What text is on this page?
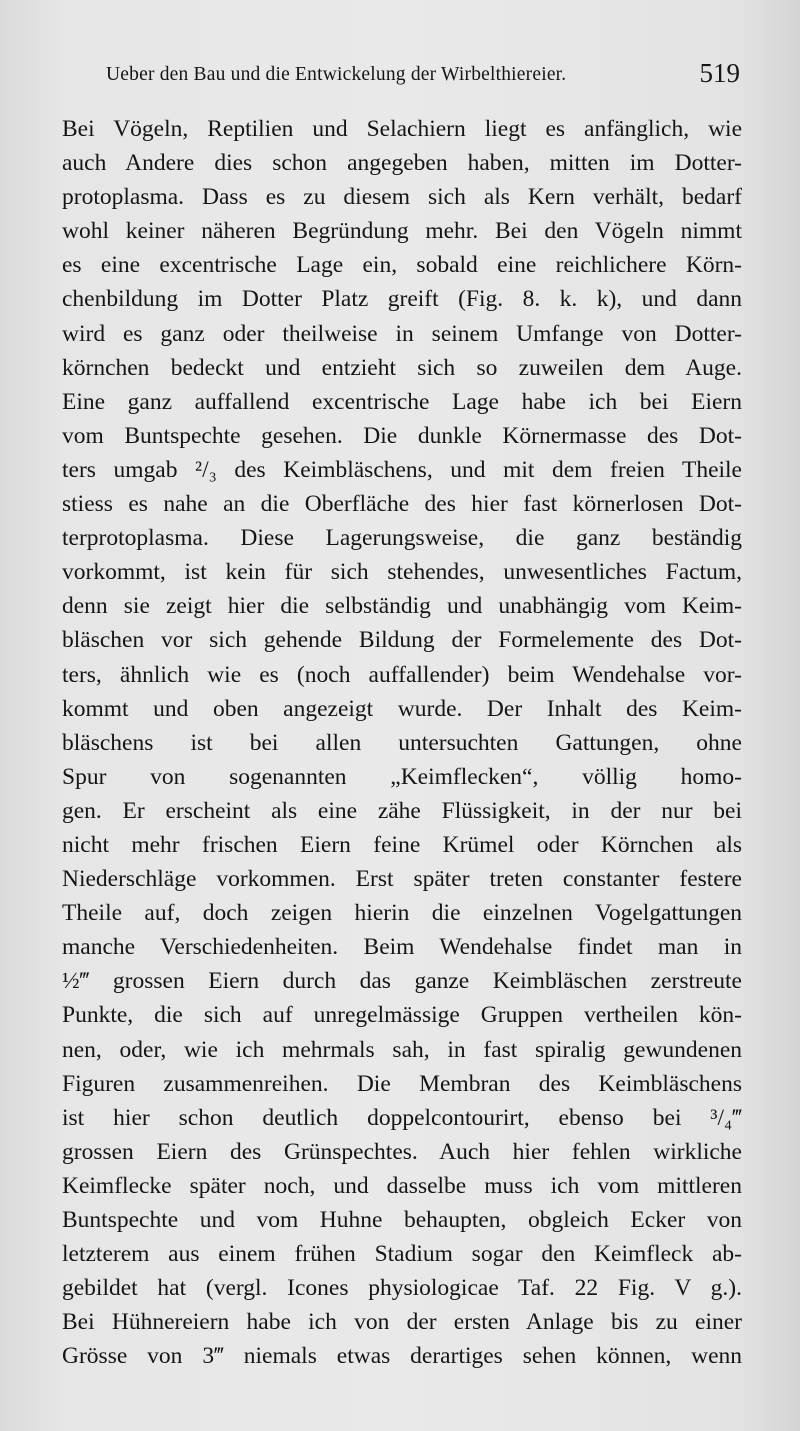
Ueber den Bau und die Entwickelung der Wirbelthiereier.	519
Bei Vögeln, Reptilien und Selachiern liegt es anfänglich, wie
auch Andere dies schon angegeben haben, mitten im Dotter-
protoplasma. Dass es zu diesem sich als Kern verhält, bedarf
wohl keiner näheren Begründung mehr. Bei den Vögeln nimmt
es eine excentrische Lage ein, sobald eine reichlichere Körn-
chenbildung im Dotter Platz greift (Fig. 8. k. k), und dann
wird es ganz oder theilweise in seinem Umfange von Dotter-
körnchen bedeckt und entzieht sich so zuweilen dem Auge.
Eine ganz auffallend excentrische Lage habe ich bei Eiern
vom Buntspechte gesehen. Die dunkle Körnermasse des Dot-
ters umgab ²/₃ des Keimbläschens, und mit dem freien Theile
stiess es nahe an die Oberfläche des hier fast körnerlosen Dot-
terprotoplasma. Diese Lagerungsweise, die ganz beständig
vorkommt, ist kein für sich stehendes, unwesentliches Factum,
denn sie zeigt hier die selbständig und unabhängig vom Keim-
bläschen vor sich gehende Bildung der Formelemente des Dot-
ters, ähnlich wie es (noch auffallender) beim Wendehalse vor-
kommt und oben angezeigt wurde. Der Inhalt des Keim-
bläschens ist bei allen untersuchten Gattungen, ohne
Spur von sogenannten „Keimflecken“, völlig homo-
gen. Er erscheint als eine zähe Flüssigkeit, in der nur bei
nicht mehr frischen Eiern feine Krümel oder Körnchen als
Niederschläge vorkommen. Erst später treten constanter festere
Theile auf, doch zeigen hierin die einzelnen Vogelgattungen
manche Verschiedenheiten. Beim Wendehalse findet man in
½‴ grossen Eiern durch das ganze Keimbläschen zerstreute
Punkte, die sich auf unregelmässige Gruppen vertheilen kön-
nen, oder, wie ich mehrmals sah, in fast spiralig gewundenen
Figuren zusammenreihen. Die Membran des Keimbläschens
ist hier schon deutlich doppelcontourirt, ebenso bei ³/₄‴
grossen Eiern des Grünspechtes. Auch hier fehlen wirkliche
Keimflecke später noch, und dasselbe muss ich vom mittleren
Buntspechte und vom Huhne behaupten, obgleich Ecker von
letzterem aus einem frühen Stadium sogar den Keimfleck ab-
gebildet hat (vergl. Icones physiologicae Taf. 22 Fig. V g.).
Bei Hühnereiern habe ich von der ersten Anlage bis zu einer
Grösse von 3‴ niemals etwas derartiges sehen können, wenn
